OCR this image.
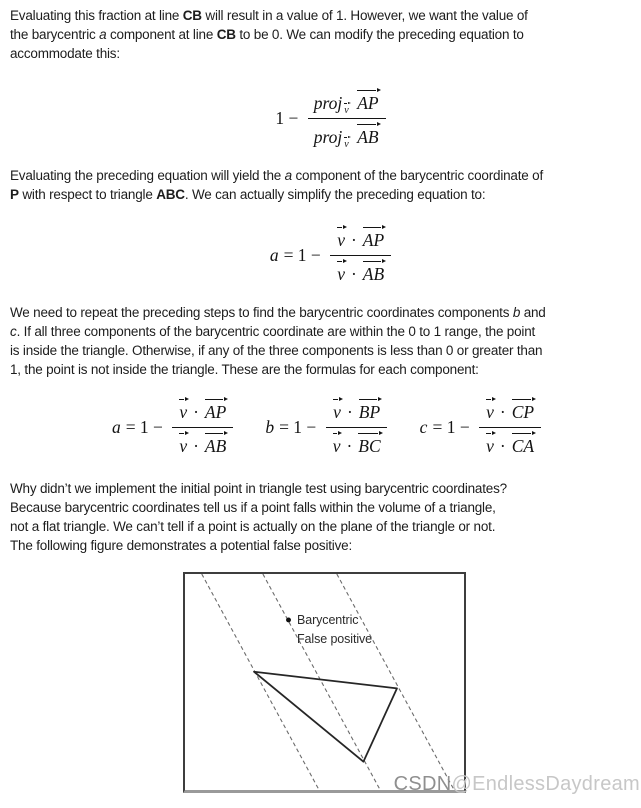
Evaluating this fraction at line CB will result in a value of 1. However, we want the value of
the barycentric a component at line CB to be 0. We can modify the preceding equation to
accommodate this:
$1 - \frac{\text{proj v  AP}}{\text{proj v  AB}}$
Evaluating the preceding equation will yield the a component of the barycentric coordinate of
P with respect to triangle ABC. We can actually simplify the preceding equation to:
$a = 1 - \frac{v \cdot AP}{v \cdot AB}$
We need to repeat the preceding steps to find the barycentric coordinates components b and
c. If all three components of the barycentric coordinate are within the 0 to 1 range, the point
is inside the triangle. Otherwise, if any of the three components is less than 0 or greater than
1, the point is not inside the triangle. These are the formulas for each component:
$a = 1 - \frac{v \cdot AP}{v \cdot AB}$ $b = 1 - \frac{v \cdot BP}{v \cdot BC}$ $c = 1 - \frac{v \cdot CP}{v \cdot CA}$
Why didn’t we implement the initial point in triangle test using barycentric coordinates?
Because barycentric coordinates tell us if a point falls within the volume of a triangle,
not a flat triangle. We can’t tell if a point is actually on the plane of the triangle or not.
The following figure demonstrates a potential false positive:
Barycentric
False positive
CSDN@EndlessDaydream
